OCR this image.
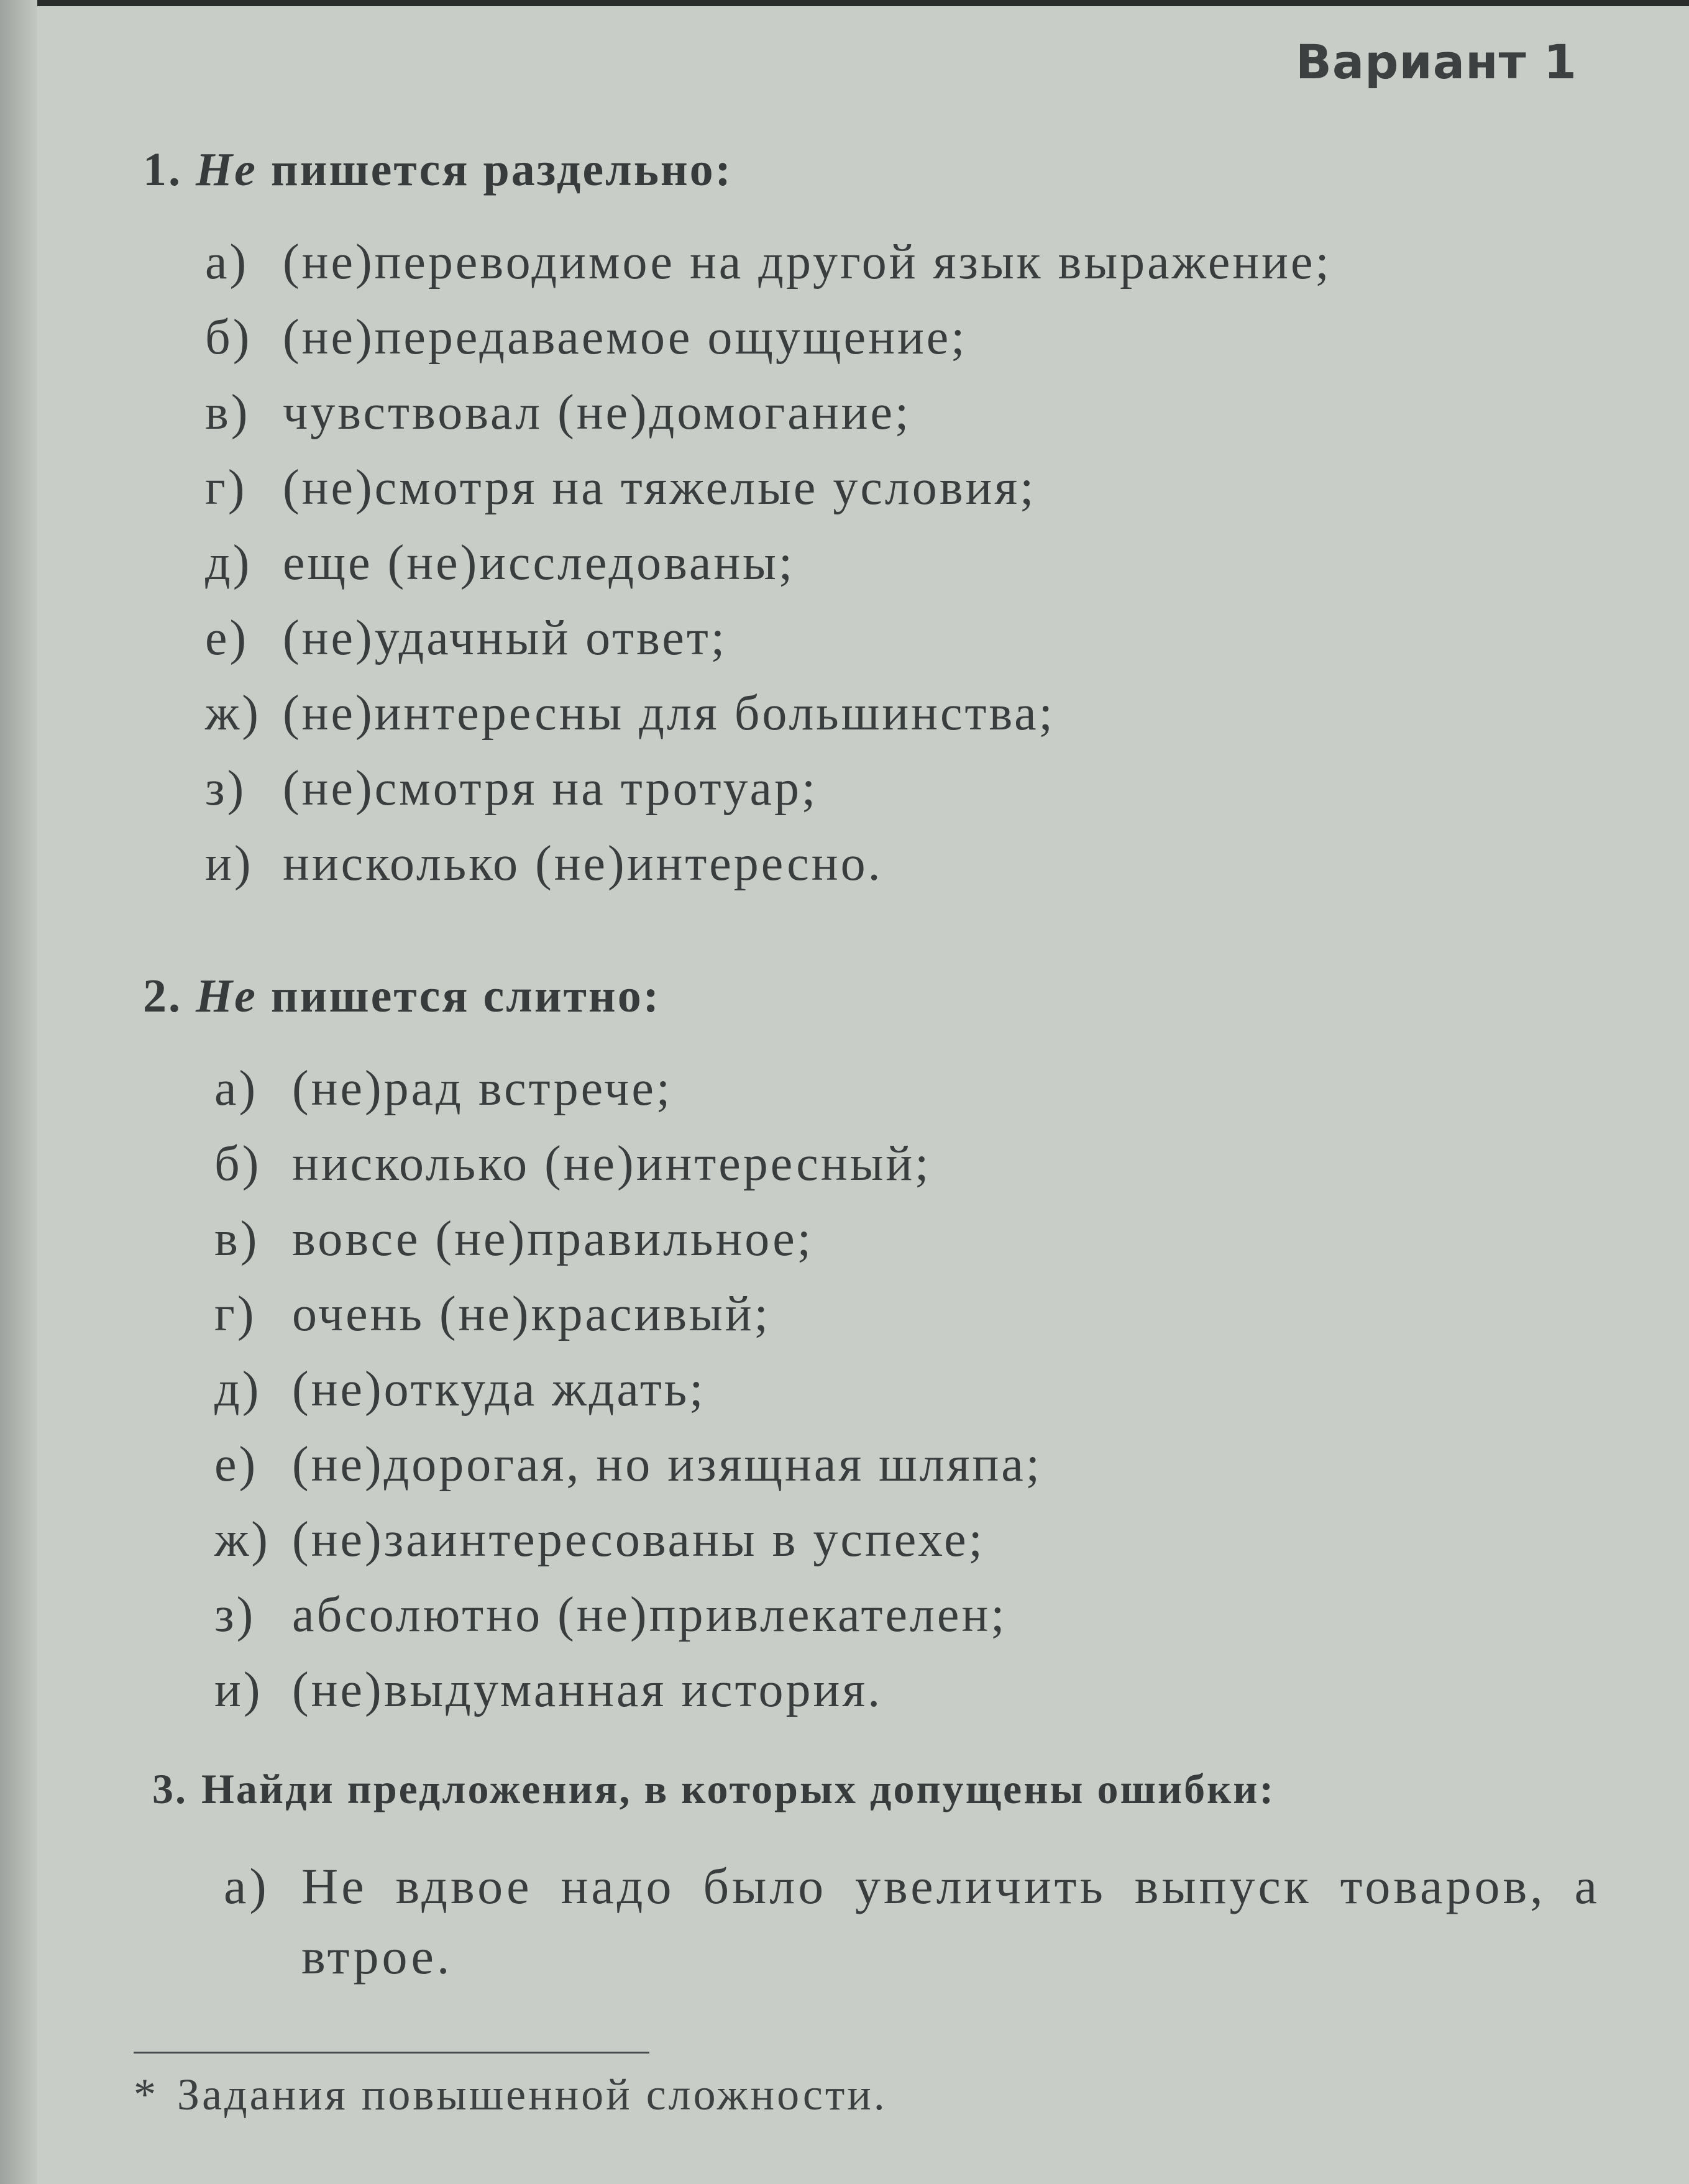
Вариант 1
1. Не пишется раздельно:
а) (не)переводимое на другой язык выражение;
б) (не)передаваемое ощущение;
в) чувствовал (не)домогание;
г) (не)смотря на тяжелые условия;
д) еще (не)исследованы;
е) (не)удачный ответ;
ж) (не)интересны для большинства;
з) (не)смотря на тротуар;
и) нисколько (не)интересно.
2. Не пишется слитно:
а) (не)рад встрече;
б) нисколько (не)интересный;
в) вовсе (не)правильное;
г) очень (не)красивый;
д) (не)откуда ждать;
е) (не)дорогая, но изящная шляпа;
ж) (не)заинтересованы в успехе;
з) абсолютно (не)привлекателен;
и) (не)выдуманная история.
3. Найди предложения, в которых допущены ошибки:
а) Не вдвое надо было увеличить выпуск товаров, а втрое.
* Задания повышенной сложности.
